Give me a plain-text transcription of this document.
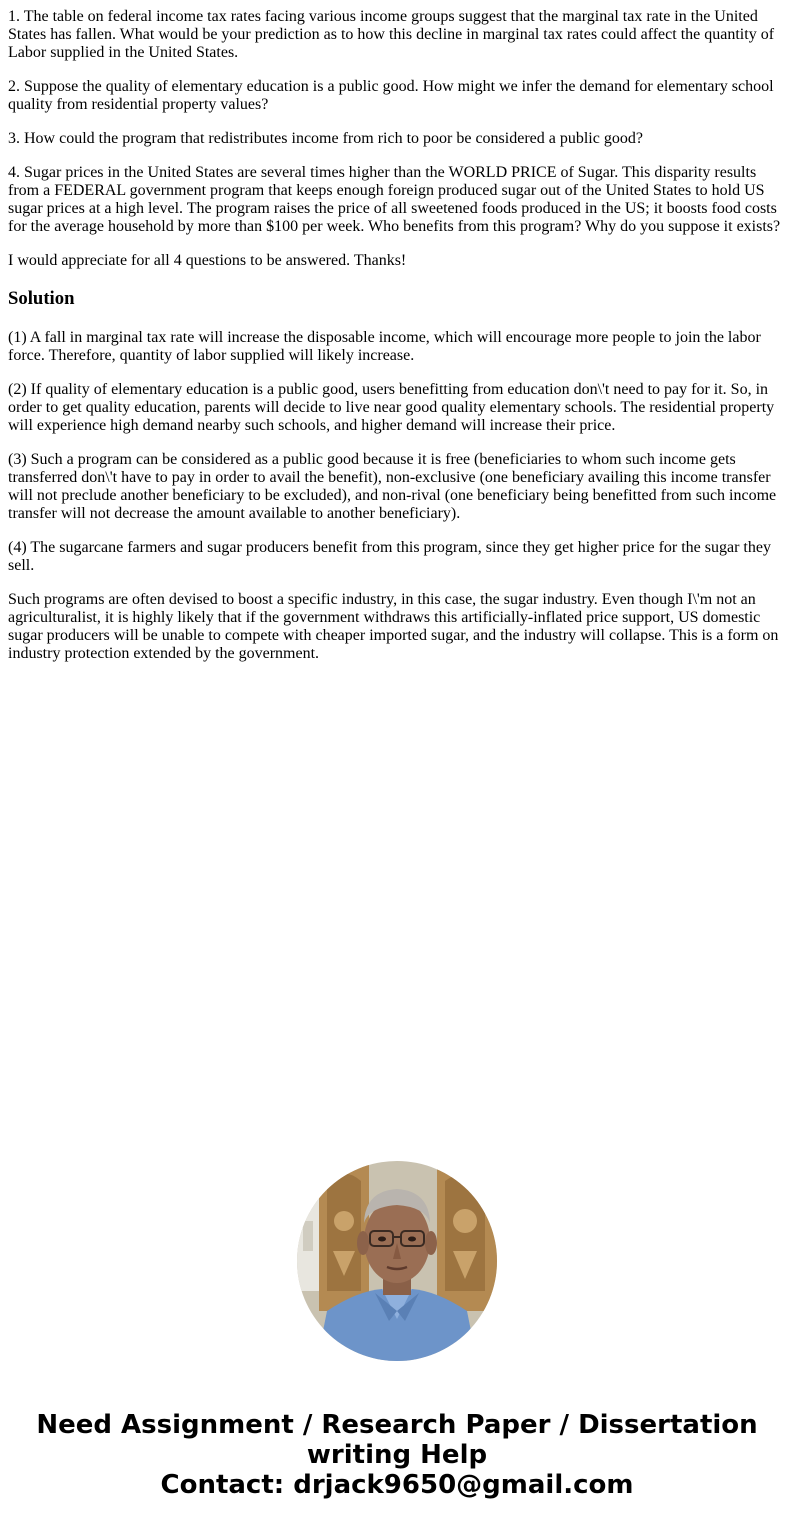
1. The table on federal income tax rates facing various income groups suggest that the marginal tax rate in the United States has fallen. What would be your prediction as to how this decline in marginal tax rates could affect the quantity of Labor supplied in the United States.

2. Suppose the quality of elementary education is a public good. How might we infer the demand for elementary school quality from residential property values?

3. How could the program that redistributes income from rich to poor be considered a public good?

4. Sugar prices in the United States are several times higher than the WORLD PRICE of Sugar. This disparity results from a FEDERAL government program that keeps enough foreign produced sugar out of the United States to hold US sugar prices at a high level. The program raises the price of all sweetened foods produced in the US; it boosts food costs for the average household by more than $100 per week. Who benefits from this program? Why do you suppose it exists?

I would appreciate for all 4 questions to be answered. Thanks!

Solution

(1) A fall in marginal tax rate will increase the disposable income, which will encourage more people to join the labor force. Therefore, quantity of labor supplied will likely increase.

(2) If quality of elementary education is a public good, users benefitting from education don\'t need to pay for it. So, in order to get quality education, parents will decide to live near good quality elementary schools. The residential property will experience high demand nearby such schools, and higher demand will increase their price.

(3) Such a program can be considered as a public good because it is free (beneficiaries to whom such income gets transferred don\'t have to pay in order to avail the benefit), non-exclusive (one beneficiary availing this income transfer will not preclude another beneficiary to be excluded), and non-rival (one beneficiary being benefitted from such income transfer will not decrease the amount available to another beneficiary).

(4) The sugarcane farmers and sugar producers benefit from this program, since they get higher price for the sugar they sell.

Such programs are often devised to boost a specific industry, in this case, the sugar industry. Even though I\'m not an agriculturalist, it is highly likely that if the government withdraws this artificially-inflated price support, US domestic sugar producers will be unable to compete with cheaper imported sugar, and the industry will collapse. This is a form on industry protection extended by the government.

Need Assignment / Research Paper / Dissertation writing Help
Contact: drjack9650@gmail.com
